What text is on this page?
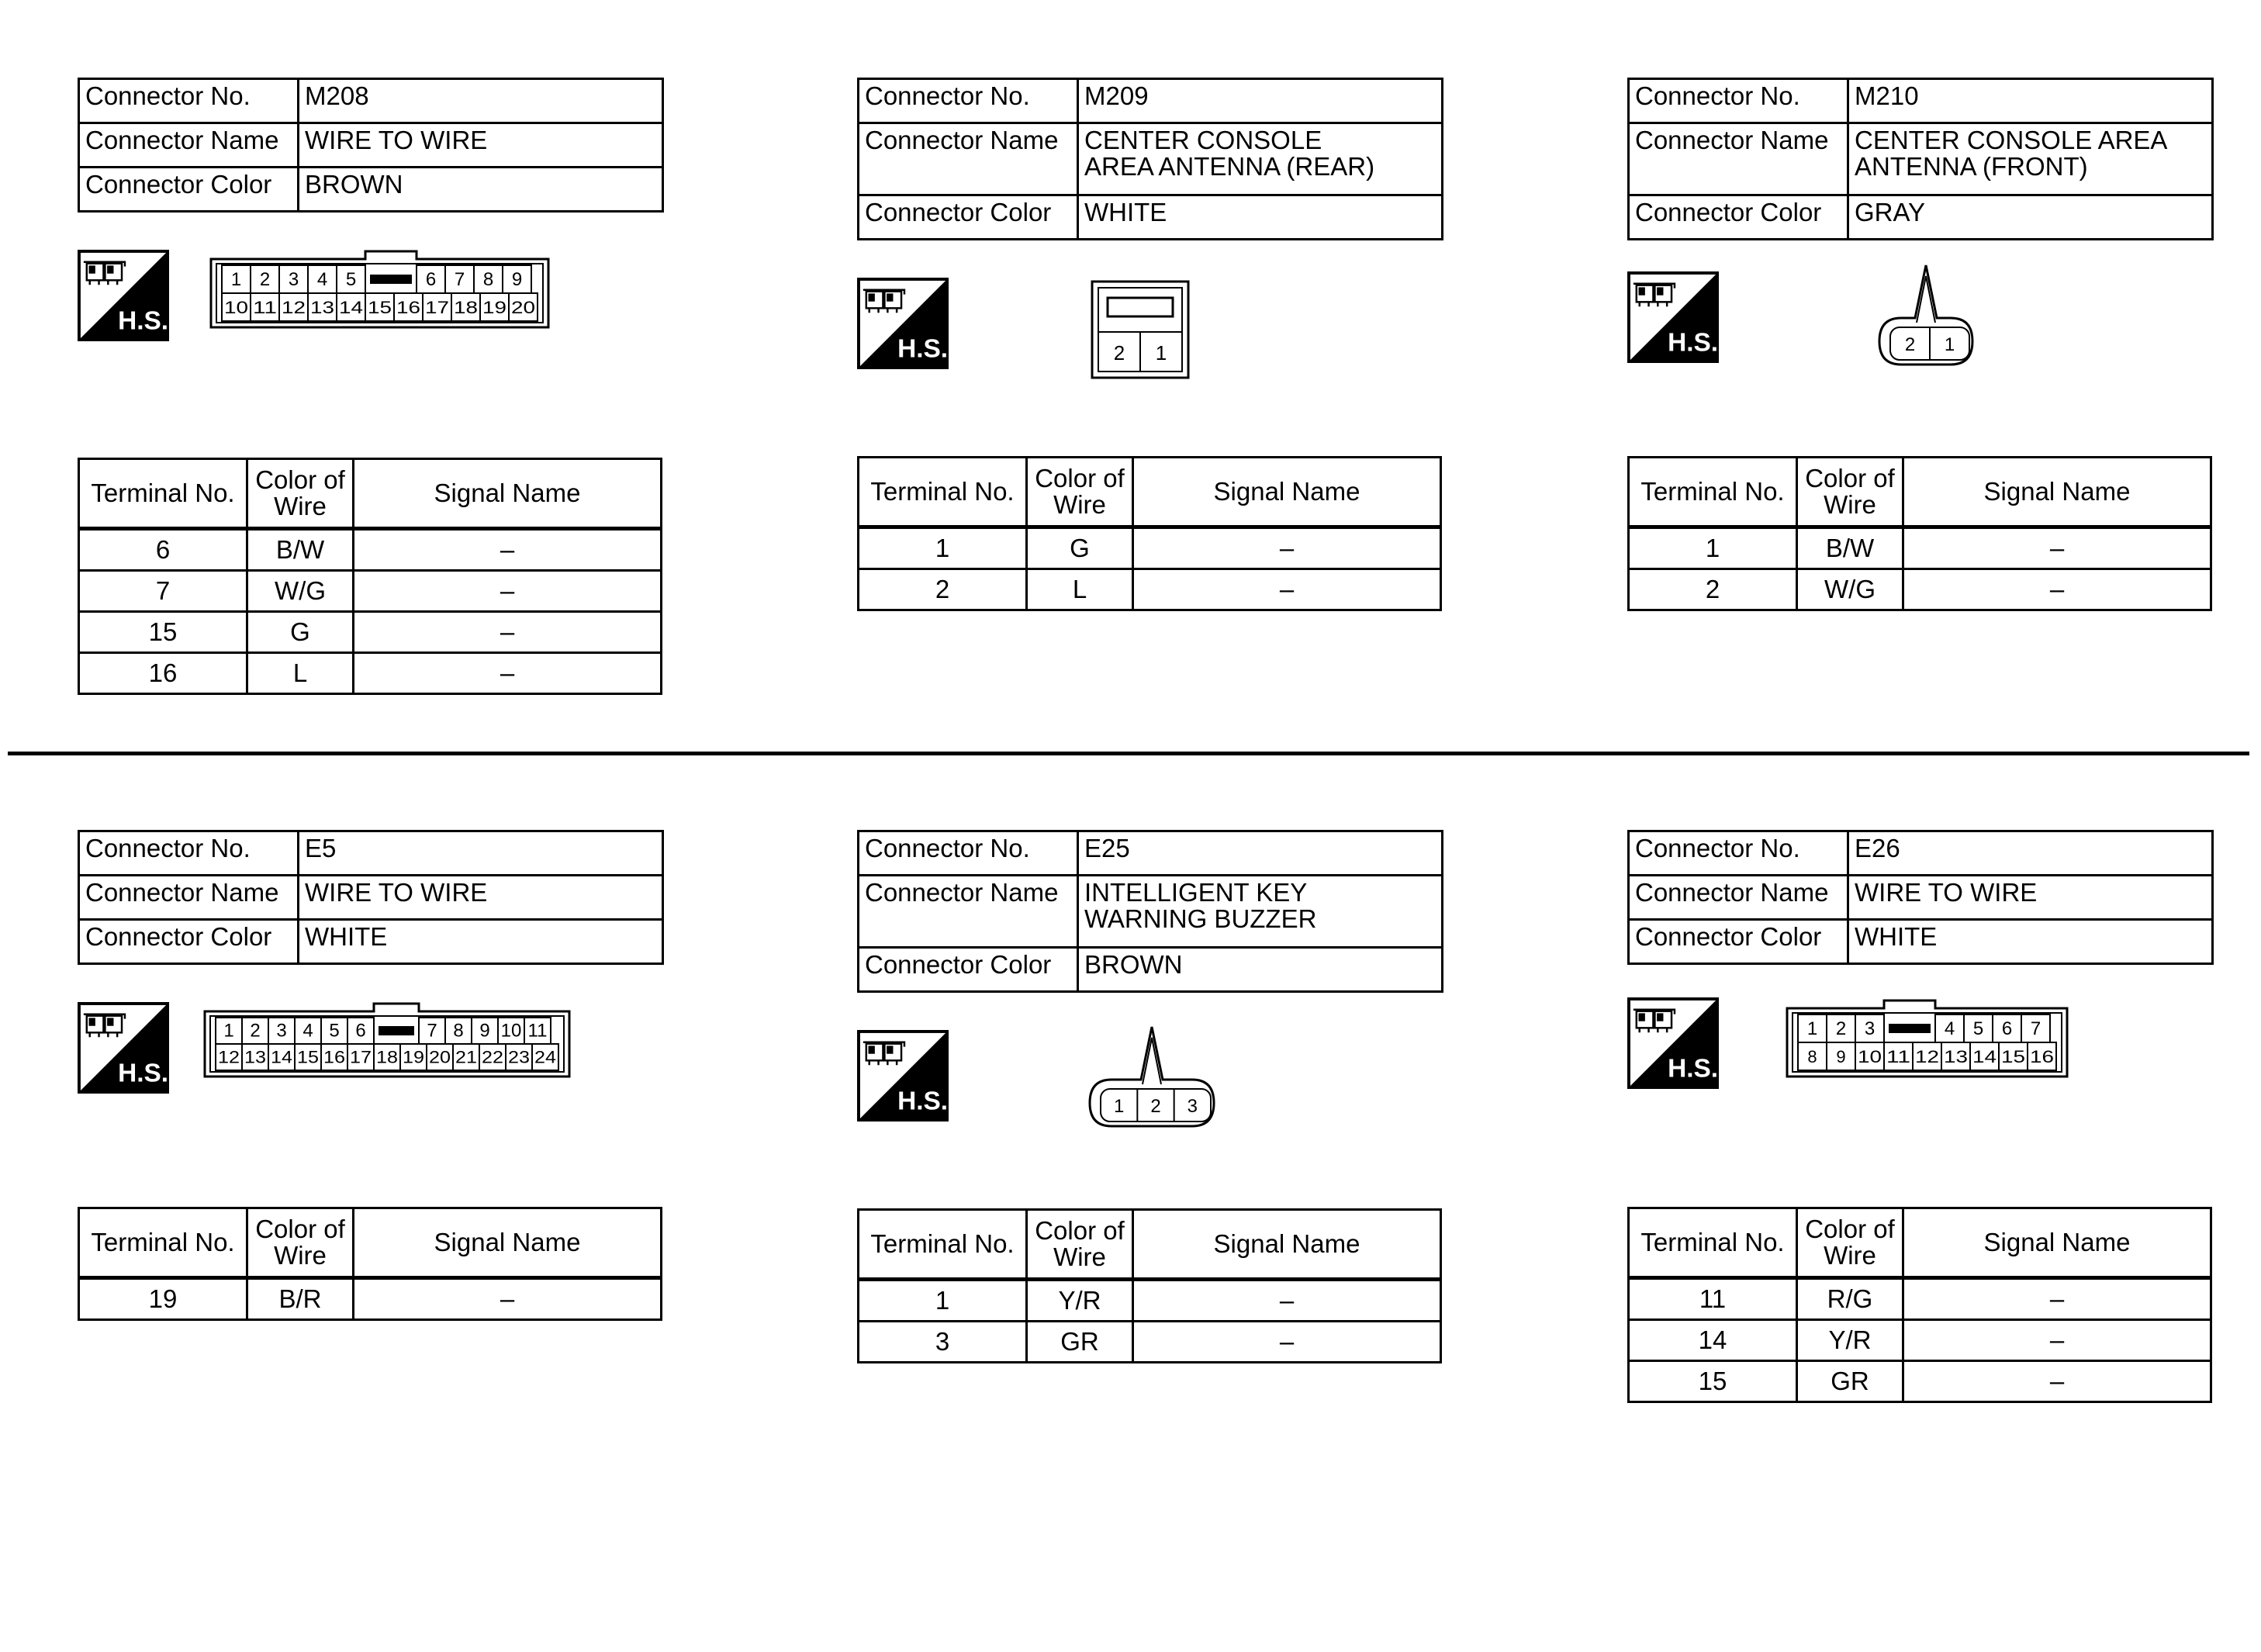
Connector No.	M208
Connector Name	WIRE TO WIRE
Connector Color	BROWN
H.S.
1 2 3 4 5	6 7 8 9
10 11 12 13 14 15 16 17 18 19 20
Terminal No.	Color of
Wire	Signal Name
6	B/W	–
7	W/G	–
15	G	–
16	L	–
Connector No.	M209
Connector Name	CENTER CONSOLE
AREA ANTENNA (REAR)
Connector Color	WHITE
H.S.	2 1
Terminal No.	Color of
Wire	Signal Name
1	G	–
2	L	–
Connector No.	M210
Connector Name	CENTER CONSOLE AREA
ANTENNA (FRONT)
Connector Color	GRAY
H.S.	2 1
Terminal No.	Color of
Wire	Signal Name
1	B/W	–
2	W/G	–
Connector No.	E5
Connector Name	WIRE TO WIRE
Connector Color	WHITE
H.S.
1 2 3 4 5 6	7 8 9 10 11
12 13 14 15 16 17 18 19 20 21 22 23 24
Terminal No.	Color of
Wire	Signal Name
19	B/R	–
Connector No.	E25
Connector Name	INTELLIGENT KEY
WARNING BUZZER
Connector Color	BROWN
H.S.	1 2 3
Terminal No.	Color of
Wire	Signal Name
1	Y/R	–
3	GR	–
Connector No.	E26
Connector Name	WIRE TO WIRE
Connector Color	WHITE
H.S.
1 2 3	4 5 6 7
8 9 10 11 12 13 14 15 16
Terminal No.	Color of
Wire	Signal Name
11	R/G	–
14	Y/R	–
15	GR	–
